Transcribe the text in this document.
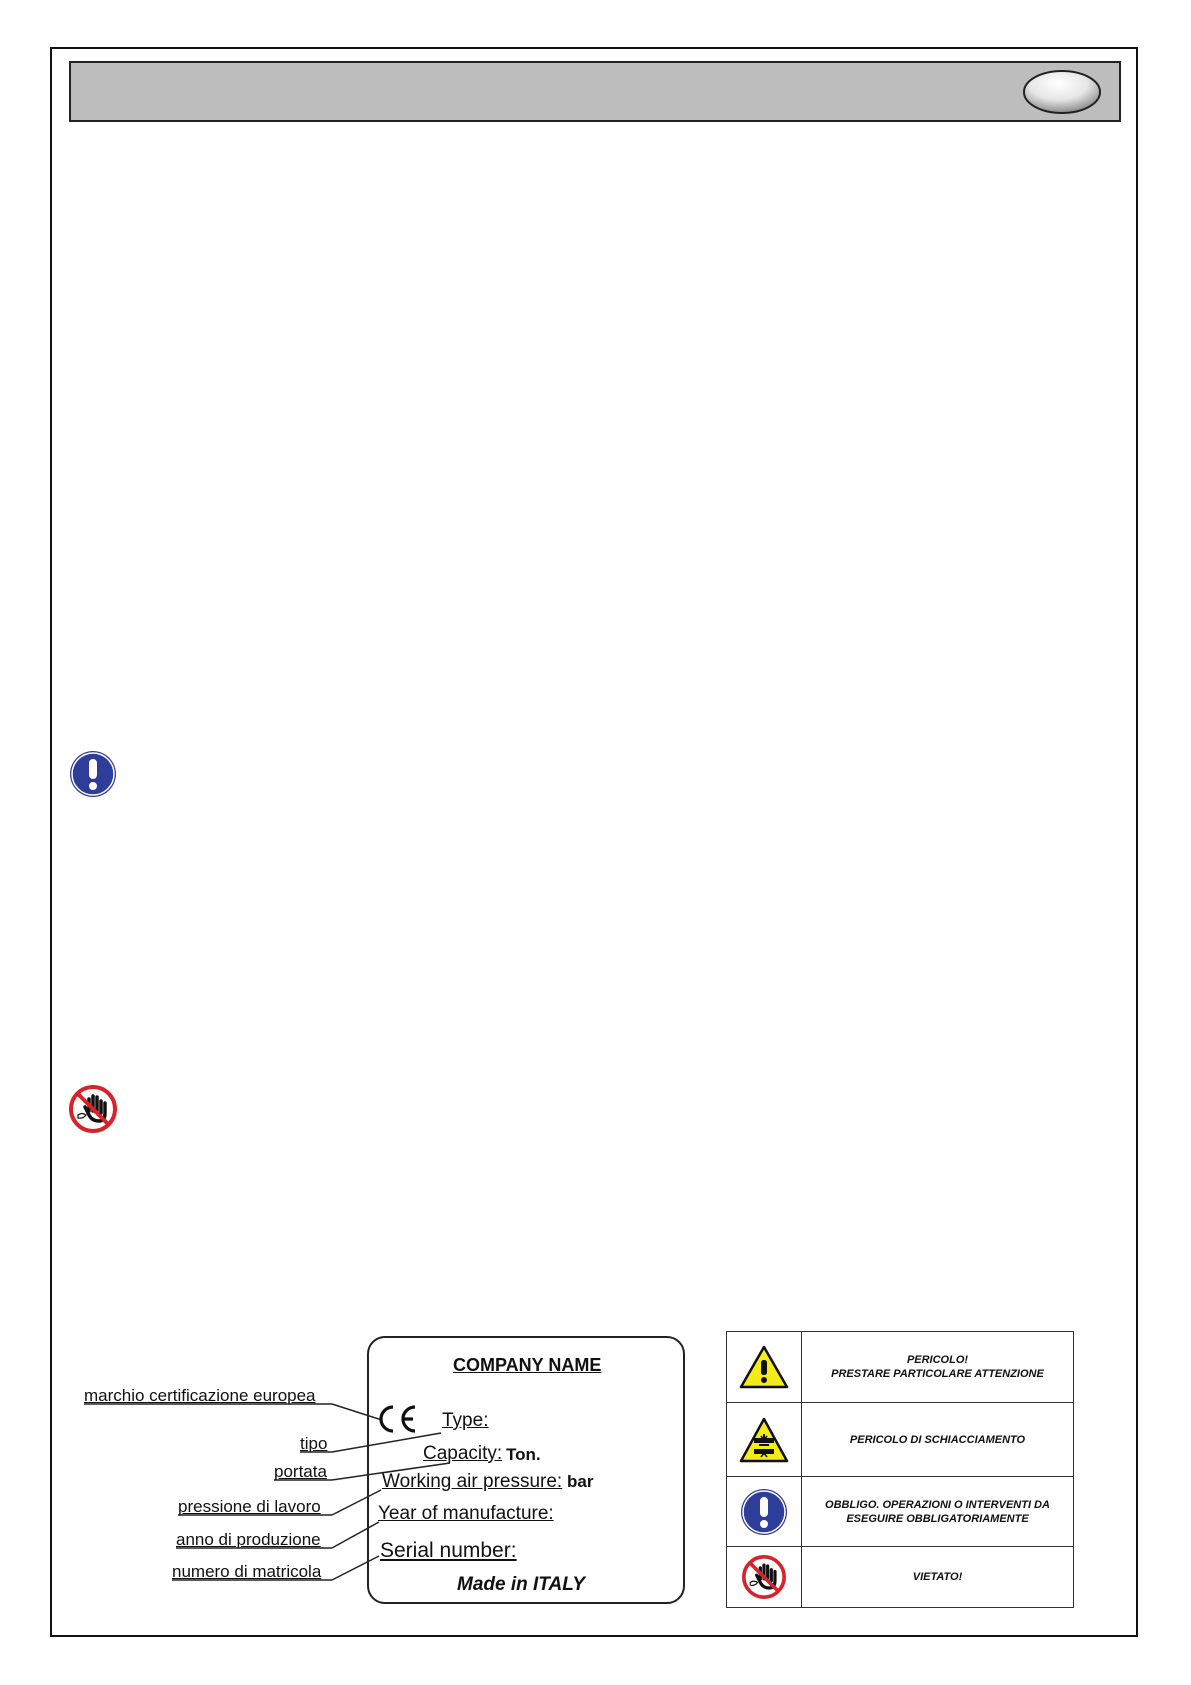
marchio certificazione europea
tipo
portata
pressione di lavoro
anno di produzione
numero di matricola
COMPANY NAME
Type:
Capacity: Ton.
Working air pressure: bar
Year of manufacture:
Serial number:
Made in ITALY
PERICOLO!
PRESTARE PARTICOLARE ATTENZIONE
PERICOLO DI SCHIACCIAMENTO
OBBLIGO. OPERAZIONI O INTERVENTI DA
ESEGUIRE OBBLIGATORIAMENTE
VIETATO!
